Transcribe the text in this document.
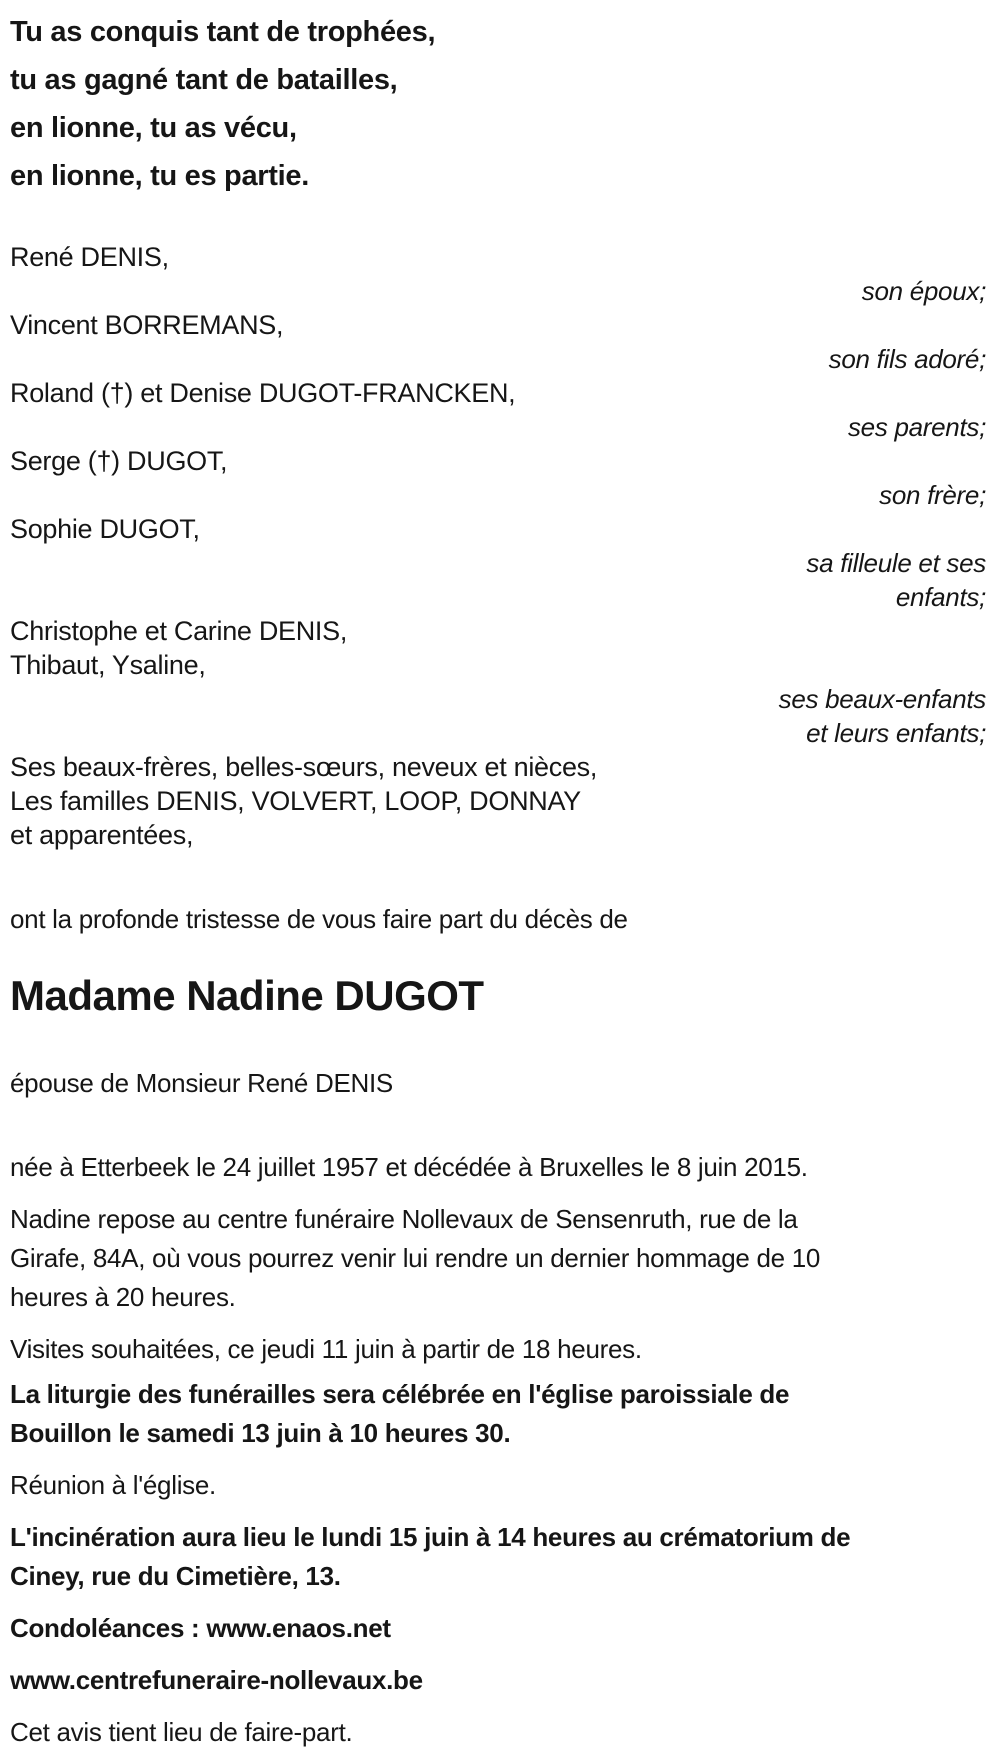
Tu as conquis tant de trophées,
tu as gagné tant de batailles,
en lionne, tu as vécu,
en lionne, tu es partie.
René DENIS,
son époux;
Vincent BORREMANS,
son fils adoré;
Roland (†) et Denise DUGOT-FRANCKEN,
ses parents;
Serge (†) DUGOT,
son frère;
Sophie DUGOT,
sa filleule et ses
enfants;
Christophe et Carine DENIS,
Thibaut, Ysaline,
ses beaux-enfants
et leurs enfants;
Ses beaux-frères, belles-sœurs, neveux et nièces,
Les familles DENIS, VOLVERT, LOOP, DONNAY
et apparentées,
ont la profonde tristesse de vous faire part du décès de
Madame Nadine DUGOT
épouse de Monsieur René DENIS
née à Etterbeek le 24 juillet 1957 et décédée à Bruxelles le 8 juin 2015.
Nadine repose au centre funéraire Nollevaux de Sensenruth, rue de la
Girafe, 84A, où vous pourrez venir lui rendre un dernier hommage de 10
heures à 20 heures.
Visites souhaitées, ce jeudi 11 juin à partir de 18 heures.
La liturgie des funérailles sera célébrée en l'église paroissiale de
Bouillon le samedi 13 juin à 10 heures 30.
Réunion à l'église.
L'incinération aura lieu le lundi 15 juin à 14 heures au crématorium de
Ciney, rue du Cimetière, 13.
Condoléances : www.enaos.net
www.centrefuneraire-nollevaux.be
Cet avis tient lieu de faire-part.
